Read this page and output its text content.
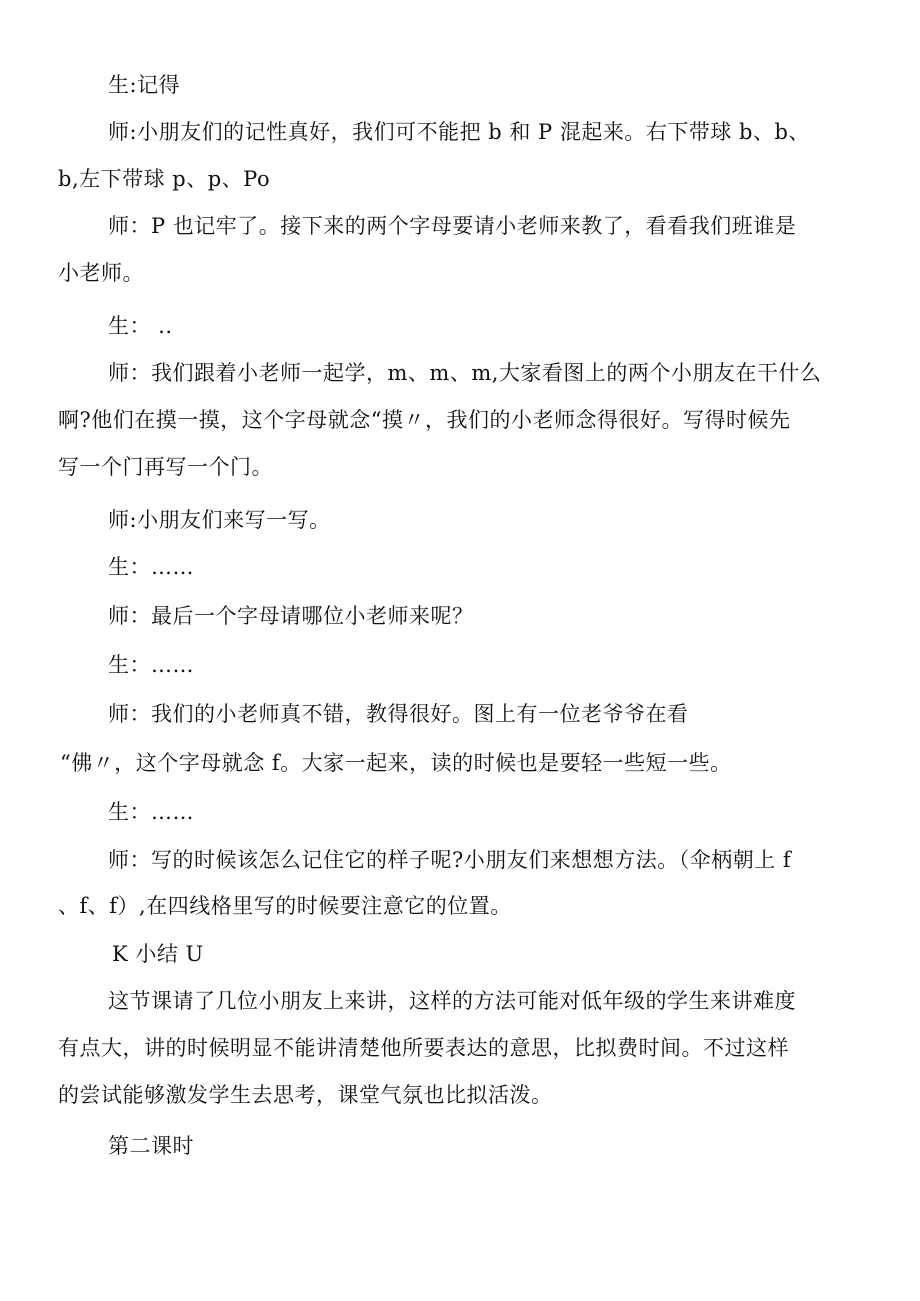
生:记得
师:小朋友们的记性真好，我们可不能把 b 和 P 混起来。右下带球 b、b、
b,左下带球 p、p、Po
师：P 也记牢了。接下来的两个字母要请小老师来教了，看看我们班谁是
小老师。
生： ..
师：我们跟着小老师一起学，m、m、m,大家看图上的两个小朋友在干什么
啊?他们在摸一摸，这个字母就念“摸〃，我们的小老师念得很好。写得时候先
写一个门再写一个门。
师:小朋友们来写一写。
生：……
师：最后一个字母请哪位小老师来呢？
生：……
师：我们的小老师真不错，教得很好。图上有一位老爷爷在看
“佛〃，这个字母就念 f。大家一起来，读的时候也是要轻一些短一些。
生：……
师：写的时候该怎么记住它的样子呢?小朋友们来想想方法。（伞柄朝上 f
、f、f）,在四线格里写的时候要注意它的位置。
K 小结 U
这节课请了几位小朋友上来讲，这样的方法可能对低年级的学生来讲难度
有点大，讲的时候明显不能讲清楚他所要表达的意思，比拟费时间。不过这样
的尝试能够激发学生去思考，课堂气氛也比拟活泼。
第二课时
